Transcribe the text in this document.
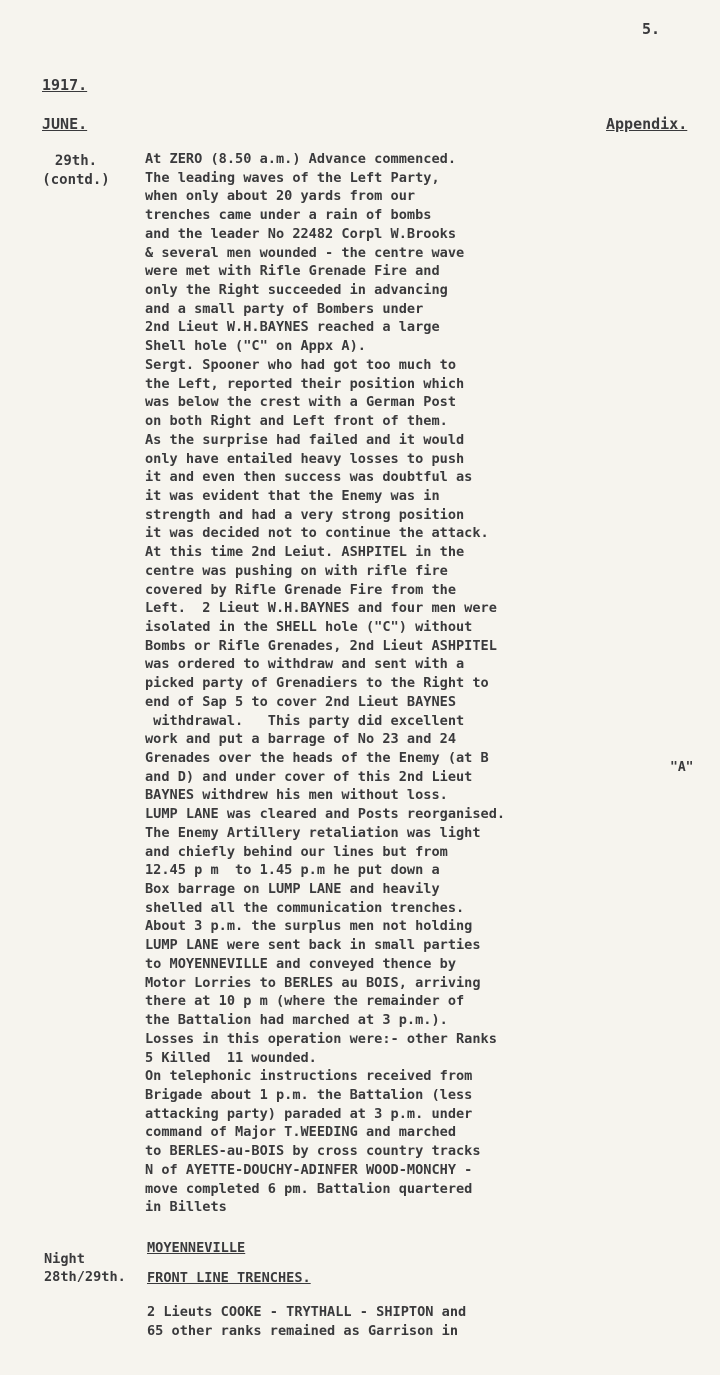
5.
1917.
JUNE.	Appendix.
29th.
(contd.)
At ZERO (8.50 a.m.) Advance commenced.
The leading waves of the Left Party,
when only about 20 yards from our
trenches came under a rain of bombs
and the leader No 22482 Corpl W.Brooks
& several men wounded - the centre wave
were met with Rifle Grenade Fire and
only the Right succeeded in advancing
and a small party of Bombers under
2nd Lieut W.H.BAYNES reached a large
Shell hole ("C" on Appx A).
Sergt. Spooner who had got too much to
the Left, reported their position which
was below the crest with a German Post
on both Right and Left front of them.
As the surprise had failed and it would
only have entailed heavy losses to push
it and even then success was doubtful as
it was evident that the Enemy was in
strength and had a very strong position
it was decided not to continue the attack.
At this time 2nd Leiut. ASHPITEL in the
centre was pushing on with rifle fire
covered by Rifle Grenade Fire from the
Left.  2 Lieut W.H.BAYNES and four men were
isolated in the SHELL hole ("C") without
Bombs or Rifle Grenades, 2nd Lieut ASHPITEL
was ordered to withdraw and sent with a
picked party of Grenadiers to the Right to
end of Sap 5 to cover 2nd Lieut BAYNES
withdrawal.   This party did excellent
work and put a barrage of No 23 and 24
Grenades over the heads of the Enemy (at B
and D) and under cover of this 2nd Lieut
BAYNES withdrew his men without loss.
LUMP LANE was cleared and Posts reorganised.
The Enemy Artillery retaliation was light
and chiefly behind our lines but from
12.45 p m  to 1.45 p.m he put down a
Box barrage on LUMP LANE and heavily
shelled all the communication trenches.
About 3 p.m. the surplus men not holding
LUMP LANE were sent back in small parties
to MOYENNEVILLE and conveyed thence by
Motor Lorries to BERLES au BOIS, arriving
there at 10 p m (where the remainder of
the Battalion had marched at 3 p.m.).
Losses in this operation were:- other Ranks
5 Killed  11 wounded.
On telephonic instructions received from
Brigade about 1 p.m. the Battalion (less
attacking party) paraded at 3 p.m. under
command of Major T.WEEDING and marched
to BERLES-au-BOIS by cross country tracks
N of AYETTE-DOUCHY-ADINFER WOOD-MONCHY -
move completed 6 pm. Battalion quartered
in Billets
"A"
MOYENNEVILLE
Night
28th/29th. FRONT LINE TRENCHES.
2 Lieuts COOKE - TRYTHALL - SHIPTON and
65 other ranks remained as Garrison in
